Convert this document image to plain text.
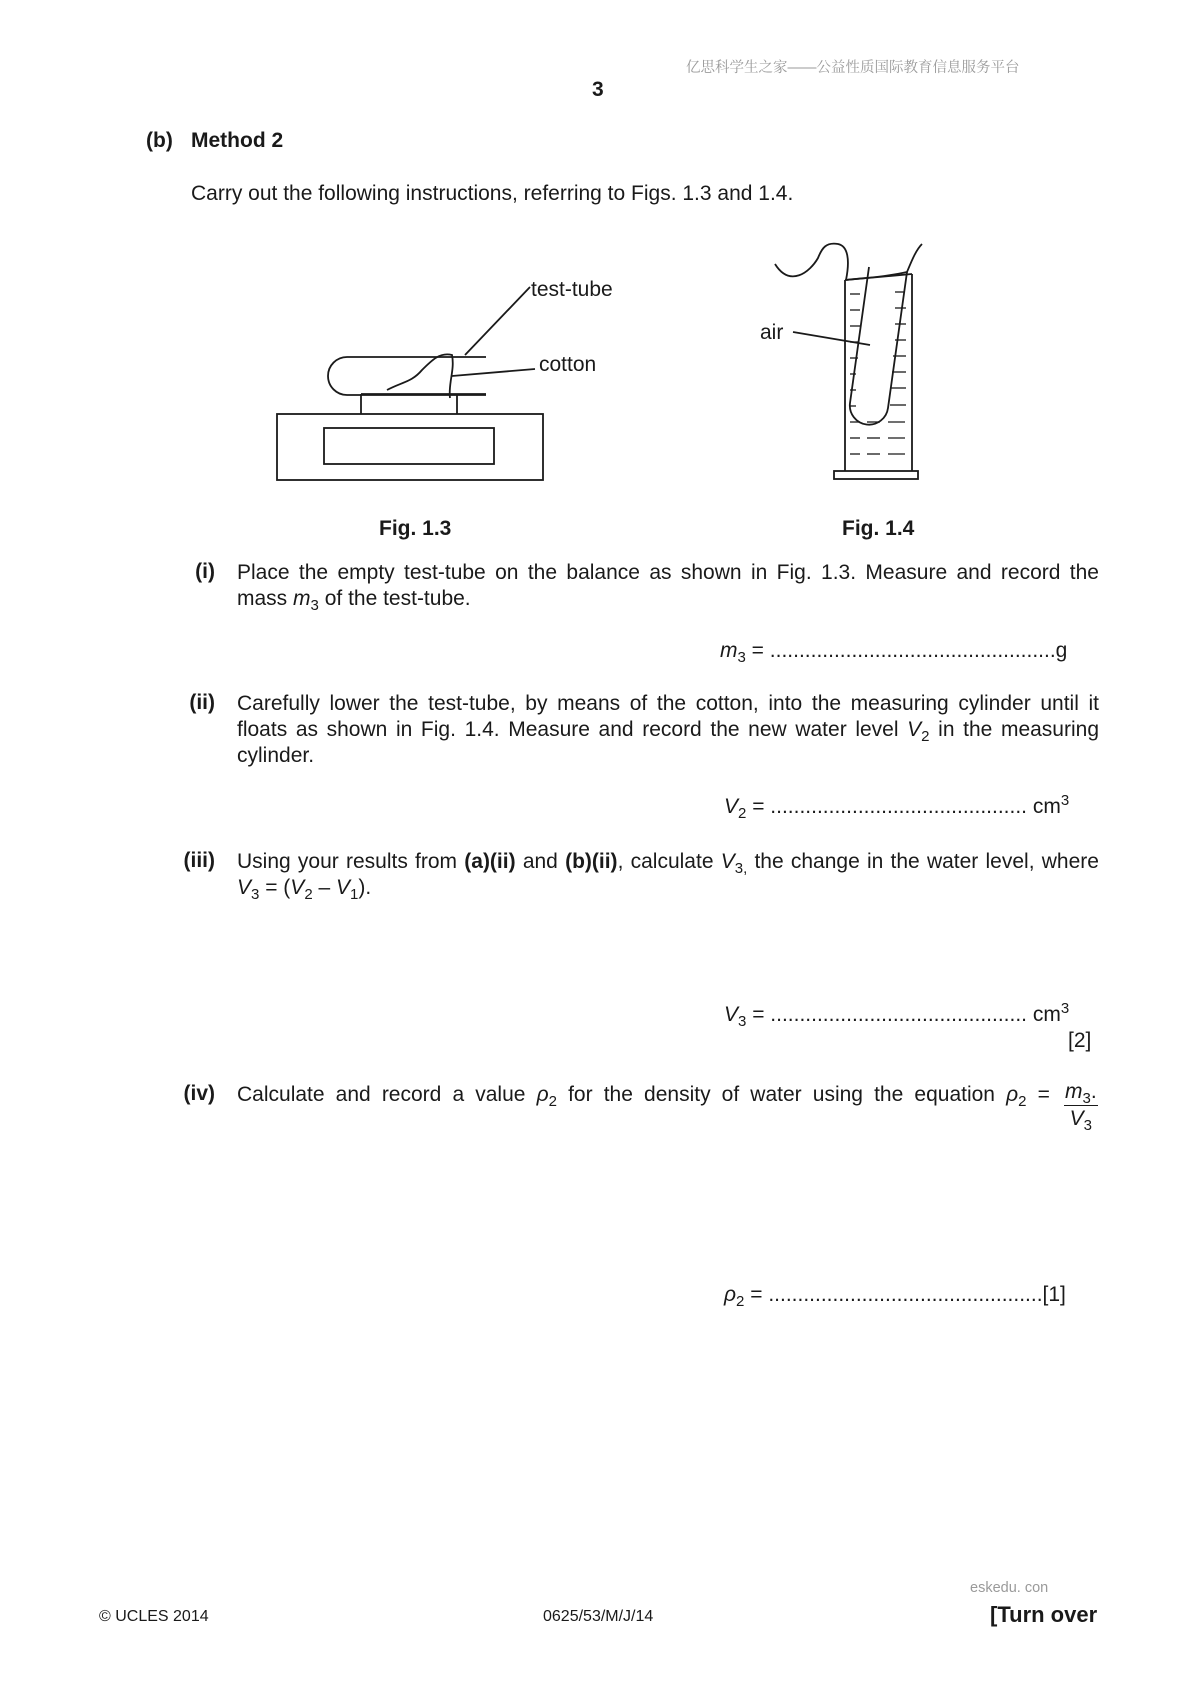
亿思科学生之家——公益性质国际教育信息服务平台
3
(b) Method 2
Carry out the following instructions, referring to Figs. 1.3 and 1.4.
test-tube
cotton
air
Fig. 1.3	Fig. 1.4
(i) Place the empty test-tube on the balance as shown in Fig. 1.3. Measure and record the mass $m_3$ of the test-tube.
$m_3 = .................................................g$
(ii) Carefully lower the test-tube, by means of the cotton, into the measuring cylinder until it floats as shown in Fig. 1.4. Measure and record the new water level $V_2$ in the measuring cylinder.
$V_2$ = ............................................ $cm^3$
(iii) Using your results from (a)(ii) and (b)(ii), calculate $V_{3,}$ the change in the water level, where $V_3 = (V_2 - V_1)$.
$V_3$ = ............................................ $cm^3$
[2]
(iv) Calculate and record a value $\rho_2$ for the density of water using the equation $\rho_2 = m_3$.
$V_3$
$\rho_2 = ...............................................[1]$
eskedu. con
© UCLES 2014	0625/53/M/J/14	[Turn over
